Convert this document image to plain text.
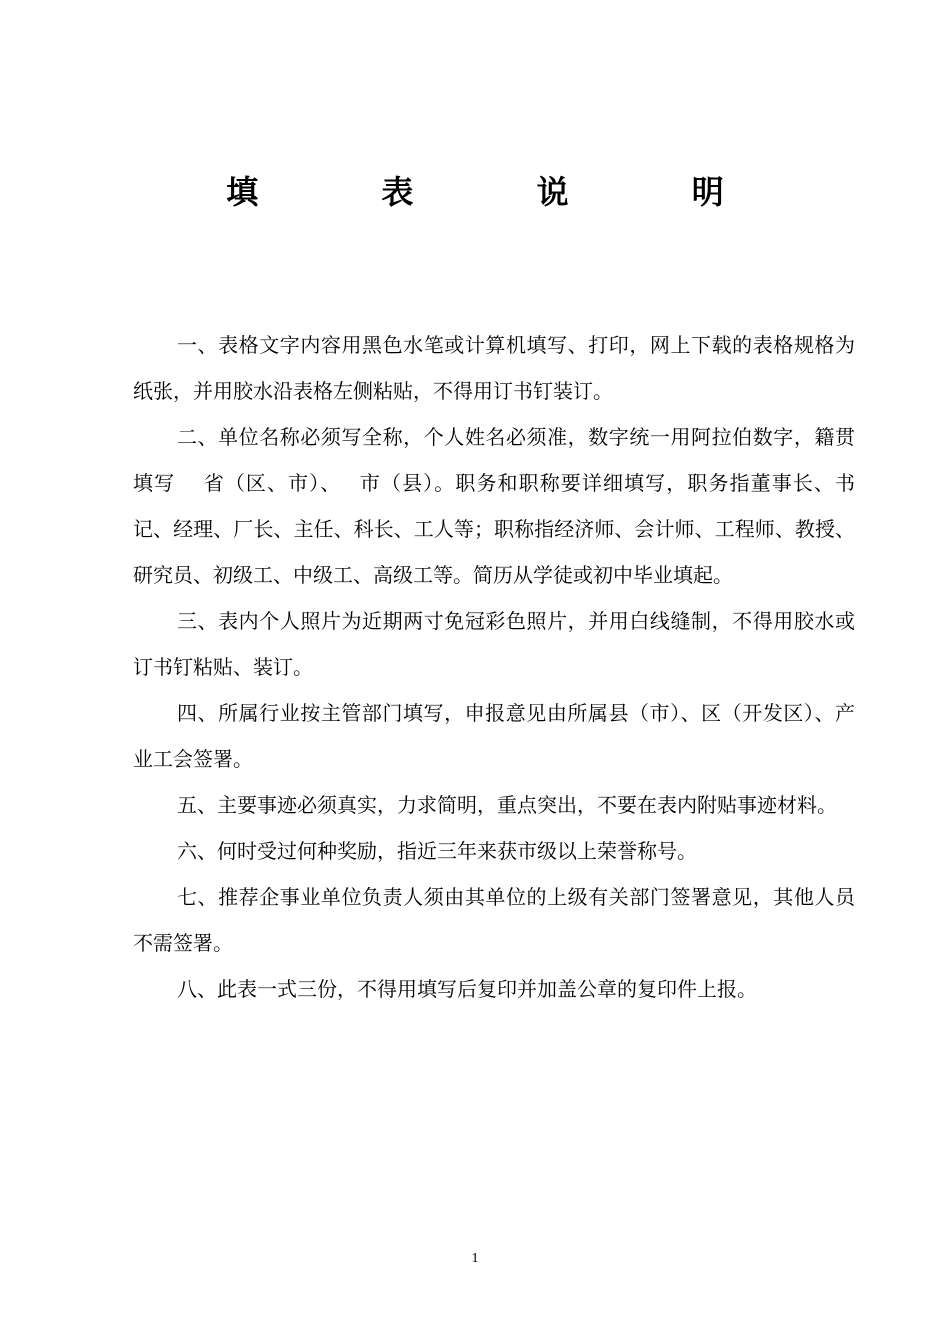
填 表 说 明

一、表格文字内容用黑色水笔或计算机填写、打印，网上下载的表格规格为　 纸张，并用胶水沿表格左侧粘贴，不得用订书钉装订。

二、单位名称必须写全称，个人姓名必须准，数字统一用阿拉伯数字，籍贯填写　 省（区、市）、　 市（县）。职务和职称要详细填写，职务指董事长、书记、经理、厂长、主任、科长、工人等；职称指经济师、会计师、工程师、教授、研究员、初级工、中级工、高级工等。简历从学徒或初中毕业填起。

三、表内个人照片为近期两寸免冠彩色照片，并用白线缝制，不得用胶水或订书钉粘贴、装订。

四、所属行业按主管部门填写，申报意见由所属县（市）、区（开发区）、产业工会签署。

五、主要事迹必须真实，力求简明，重点突出，不要在表内附贴事迹材料。

六、何时受过何种奖励，指近三年来获市级以上荣誉称号。

七、推荐企事业单位负责人须由其单位的上级有关部门签署意见，其他人员不需签署。

八、此表一式三份，不得用填写后复印并加盖公章的复印件上报。

1
